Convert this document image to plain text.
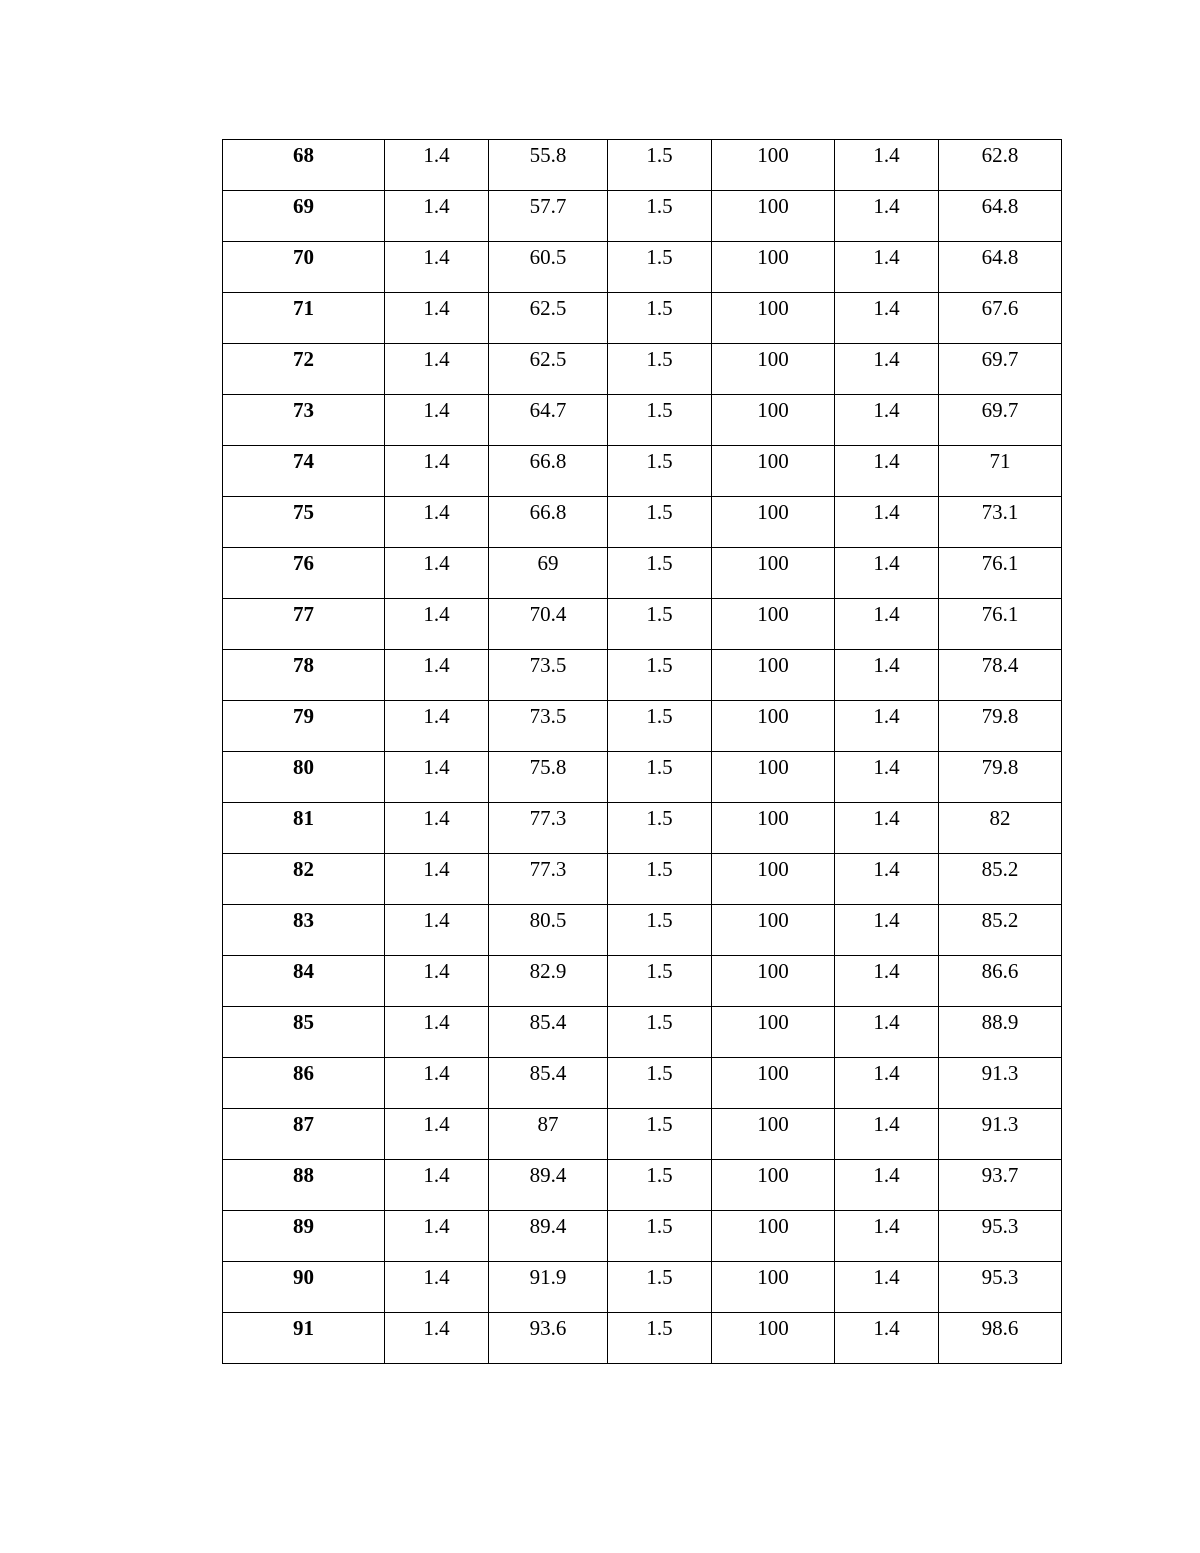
68	1.4	55.8	1.5	100	1.4	62.8
69	1.4	57.7	1.5	100	1.4	64.8
70	1.4	60.5	1.5	100	1.4	64.8
71	1.4	62.5	1.5	100	1.4	67.6
72	1.4	62.5	1.5	100	1.4	69.7
73	1.4	64.7	1.5	100	1.4	69.7
74	1.4	66.8	1.5	100	1.4	71
75	1.4	66.8	1.5	100	1.4	73.1
76	1.4	69	1.5	100	1.4	76.1
77	1.4	70.4	1.5	100	1.4	76.1
78	1.4	73.5	1.5	100	1.4	78.4
79	1.4	73.5	1.5	100	1.4	79.8
80	1.4	75.8	1.5	100	1.4	79.8
81	1.4	77.3	1.5	100	1.4	82
82	1.4	77.3	1.5	100	1.4	85.2
83	1.4	80.5	1.5	100	1.4	85.2
84	1.4	82.9	1.5	100	1.4	86.6
85	1.4	85.4	1.5	100	1.4	88.9
86	1.4	85.4	1.5	100	1.4	91.3
87	1.4	87	1.5	100	1.4	91.3
88	1.4	89.4	1.5	100	1.4	93.7
89	1.4	89.4	1.5	100	1.4	95.3
90	1.4	91.9	1.5	100	1.4	95.3
91	1.4	93.6	1.5	100	1.4	98.6
